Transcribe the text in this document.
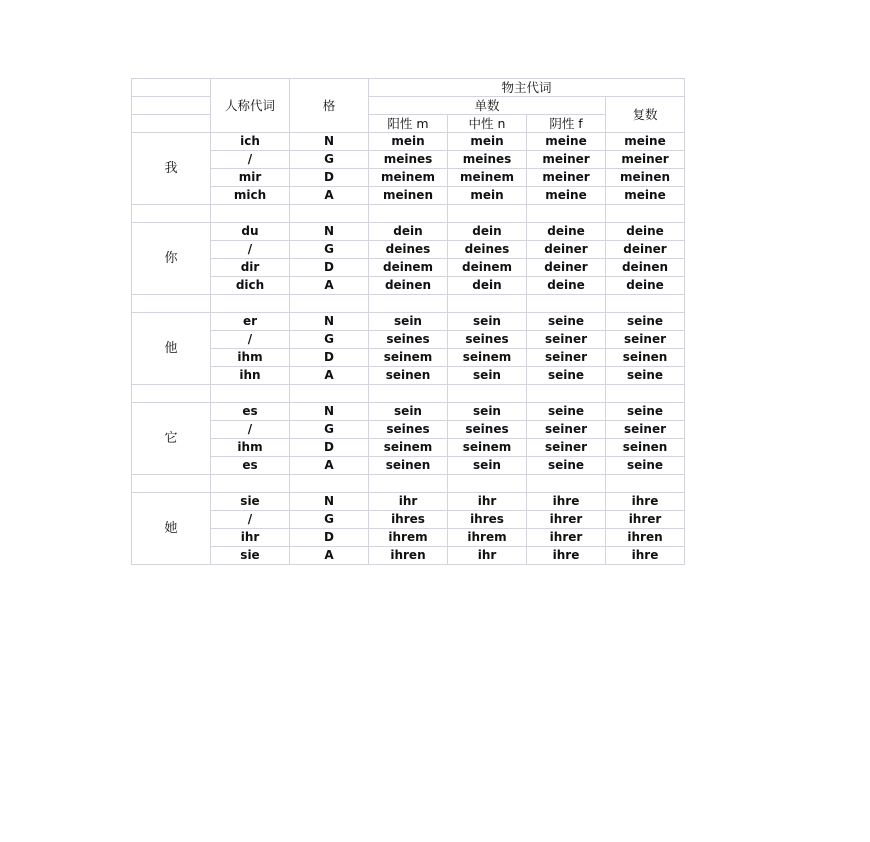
	人称代词	格	物主代词			
			单数			复数
			阳性 m	中性 n	阴性 f	
我	ich	N	mein	mein	meine	meine
	/	G	meines	meines	meiner	meiner
	mir	D	meinem	meinem	meiner	meinen
	mich	A	meinen	mein	meine	meine

你	du	N	dein	dein	deine	deine
	/	G	deines	deines	deiner	deiner
	dir	D	deinem	deinem	deiner	deinen
	dich	A	deinen	dein	deine	deine

他	er	N	sein	sein	seine	seine
	/	G	seines	seines	seiner	seiner
	ihm	D	seinem	seinem	seiner	seinen
	ihn	A	seinen	sein	seine	seine

它	es	N	sein	sein	seine	seine
	/	G	seines	seines	seiner	seiner
	ihm	D	seinem	seinem	seiner	seinen
	es	A	seinen	sein	seine	seine

她	sie	N	ihr	ihr	ihre	ihre
	/	G	ihres	ihres	ihrer	ihrer
	ihr	D	ihrem	ihrem	ihrer	ihren
	sie	A	ihren	ihr	ihre	ihre
